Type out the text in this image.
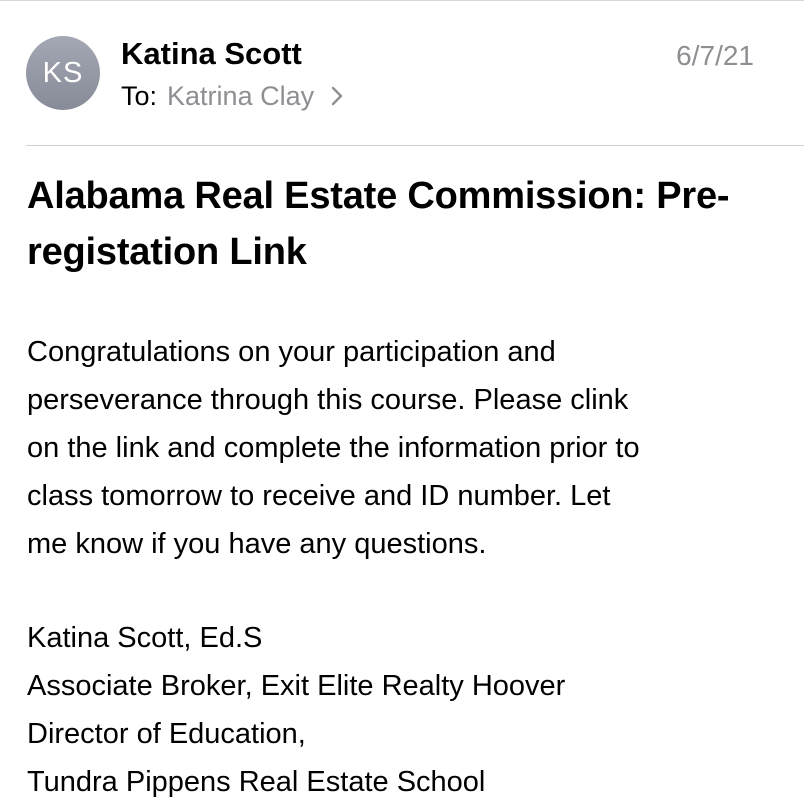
KS
Katina Scott	6/7/21
To: Katrina Clay
Alabama Real Estate Commission: Pre-registation Link
Congratulations on your participation and
perseverance through this course. Please clink
on the link and complete the information prior to
class tomorrow to receive and ID number. Let
me know if you have any questions.
Katina Scott, Ed.S
Associate Broker, Exit Elite Realty Hoover
Director of Education,
Tundra Pippens Real Estate School
